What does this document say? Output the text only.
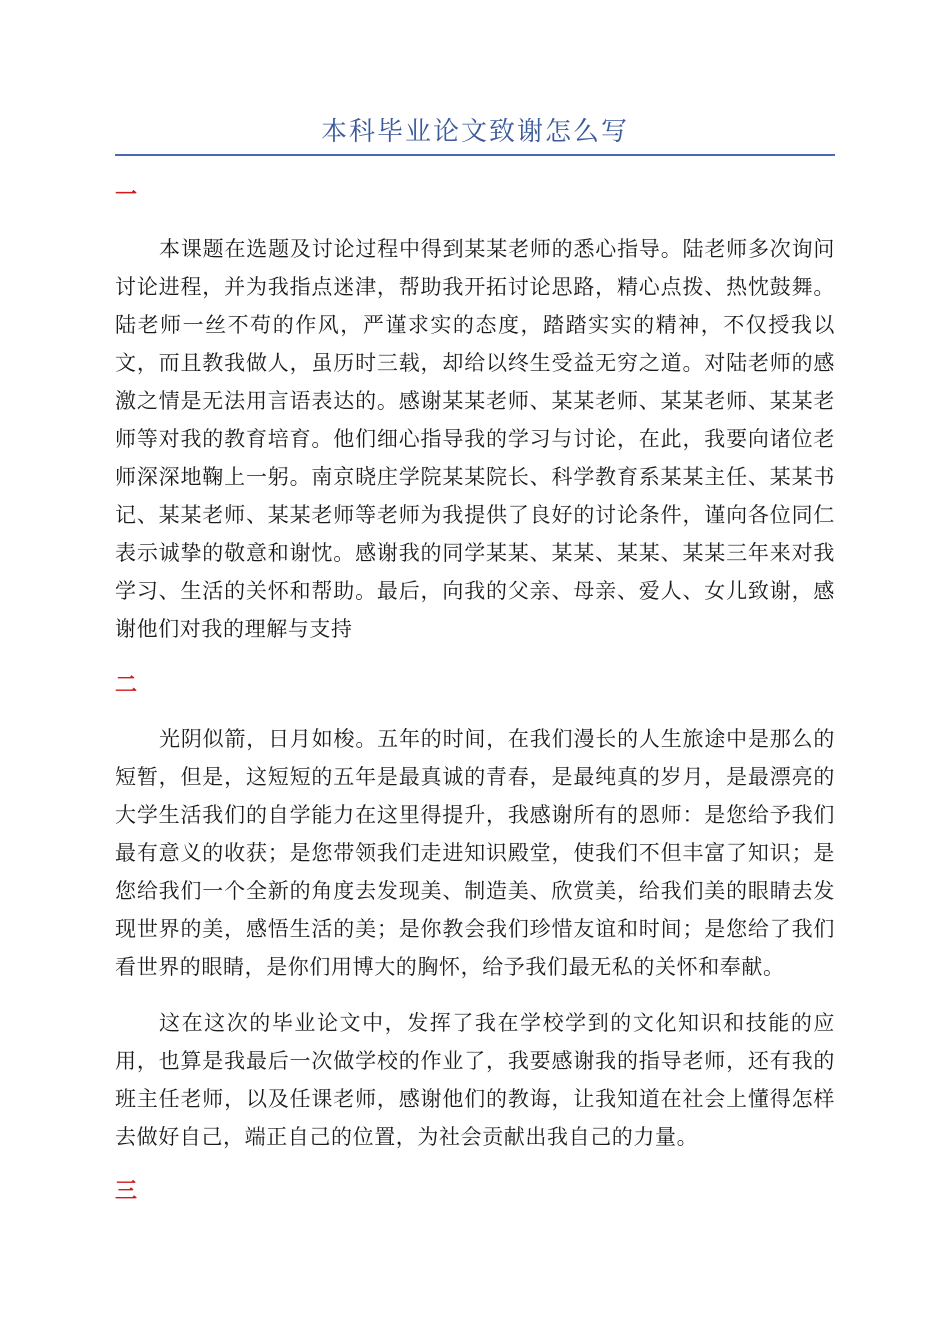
本科毕业论文致谢怎么写
一

本课题在选题及讨论过程中得到某某老师的悉心指导。陆老师多次询问讨论进程，并为我指点迷津，帮助我开拓讨论思路，精心点拨、热忱鼓舞。陆老师一丝不苟的作风，严谨求实的态度，踏踏实实的精神，不仅授我以文，而且教我做人，虽历时三载，却给以终生受益无穷之道。对陆老师的感激之情是无法用言语表达的。感谢某某老师、某某老师、某某老师、某某老师等对我的教育培育。他们细心指导我的学习与讨论，在此，我要向诸位老师深深地鞠上一躬。南京晓庄学院某某院长、科学教育系某某主任、某某书记、某某老师、某某老师等老师为我提供了良好的讨论条件，谨向各位同仁表示诚挚的敬意和谢忱。感谢我的同学某某、某某、某某、某某三年来对我学习、生活的关怀和帮助。最后，向我的父亲、母亲、爱人、女儿致谢，感谢他们对我的理解与支持

二

光阴似箭，日月如梭。五年的时间，在我们漫长的人生旅途中是那么的短暂，但是，这短短的五年是最真诚的青春，是最纯真的岁月，是最漂亮的大学生活我们的自学能力在这里得提升，我感谢所有的恩师：是您给予我们最有意义的收获；是您带领我们走进知识殿堂，使我们不但丰富了知识；是您给我们一个全新的角度去发现美、制造美、欣赏美，给我们美的眼睛去发现世界的美，感悟生活的美；是你教会我们珍惜友谊和时间；是您给了我们看世界的眼睛，是你们用博大的胸怀，给予我们最无私的关怀和奉献。

这在这次的毕业论文中，发挥了我在学校学到的文化知识和技能的应用，也算是我最后一次做学校的作业了，我要感谢我的指导老师，还有我的班主任老师，以及任课老师，感谢他们的教诲，让我知道在社会上懂得怎样去做好自己，端正自己的位置，为社会贡献出我自己的力量。

三
